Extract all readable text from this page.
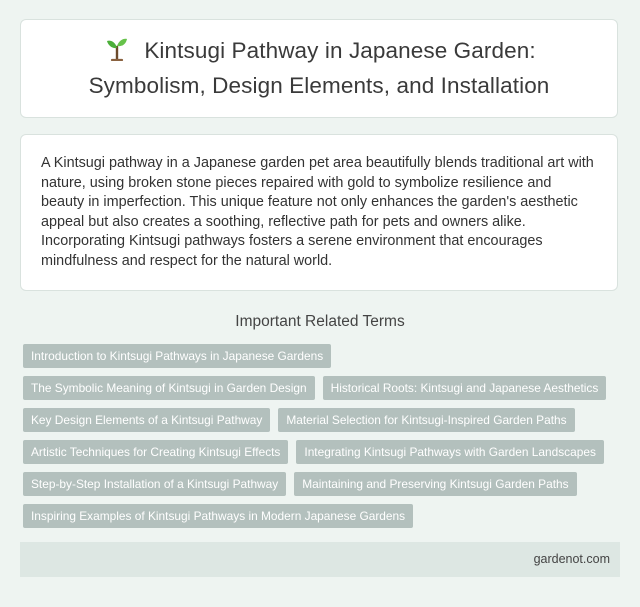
Kintsugi Pathway in Japanese Garden:
Symbolism, Design Elements, and Installation

A Kintsugi pathway in a Japanese garden pet area beautifully blends traditional art with nature, using broken stone pieces repaired with gold to symbolize resilience and beauty in imperfection. This unique feature not only enhances the garden's aesthetic appeal but also creates a soothing, reflective path for pets and owners alike. Incorporating Kintsugi pathways fosters a serene environment that encourages mindfulness and respect for the natural world.

Important Related Terms
Introduction to Kintsugi Pathways in Japanese Gardens
The Symbolic Meaning of Kintsugi in Garden Design	Historical Roots: Kintsugi and Japanese Aesthetics
Key Design Elements of a Kintsugi Pathway	Material Selection for Kintsugi-Inspired Garden Paths
Artistic Techniques for Creating Kintsugi Effects	Integrating Kintsugi Pathways with Garden Landscapes
Step-by-Step Installation of a Kintsugi Pathway	Maintaining and Preserving Kintsugi Garden Paths
Inspiring Examples of Kintsugi Pathways in Modern Japanese Gardens
gardenot.com
